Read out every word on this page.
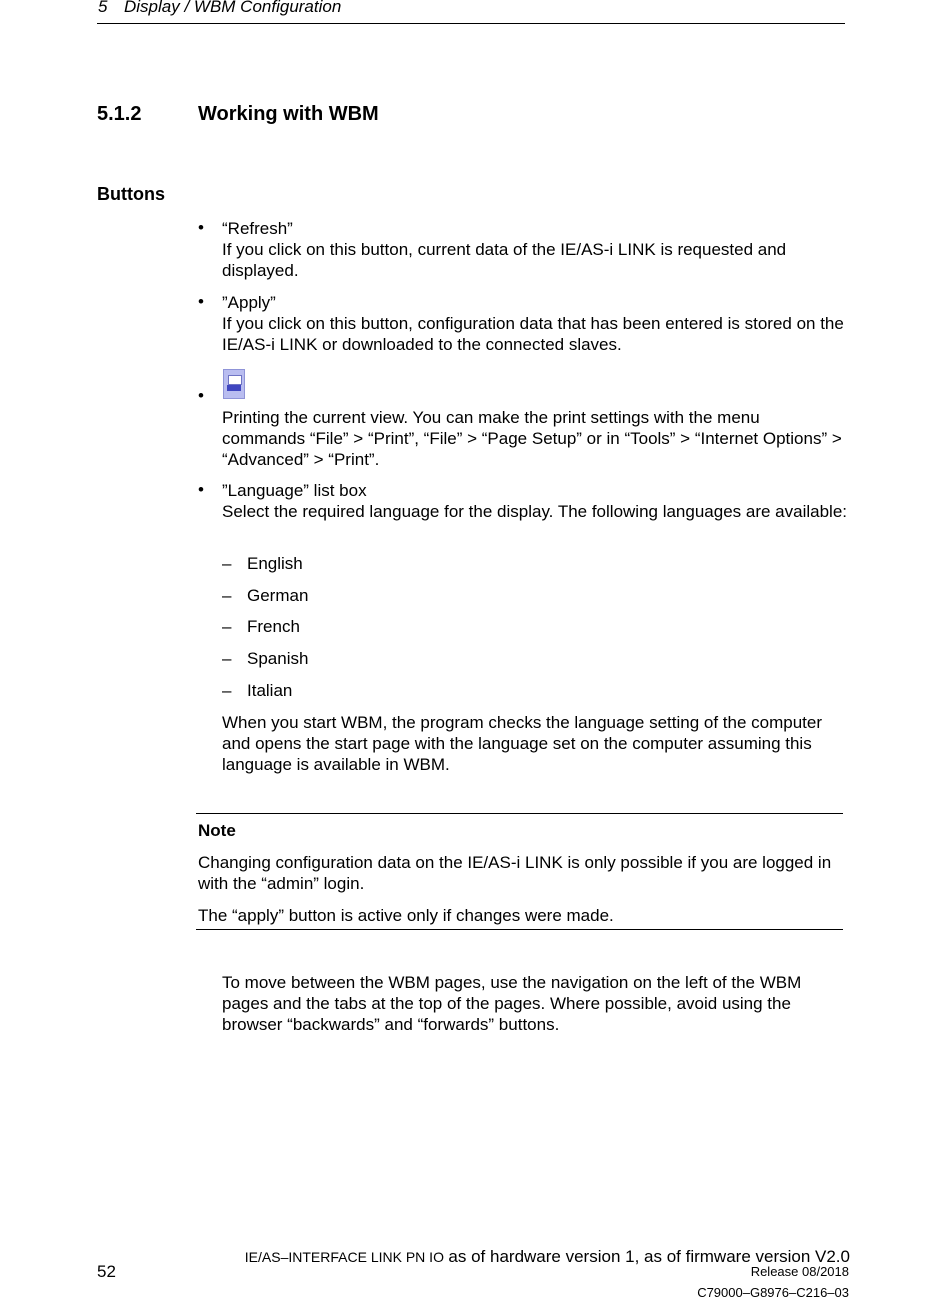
5 Display / WBM Configuration
5.1.2	Working with WBM
Buttons
• “Refresh”
If you click on this button, current data of the IE/AS-i LINK is requested and displayed.
• ”Apply”
If you click on this button, configuration data that has been entered is stored on the IE/AS-i LINK or downloaded to the connected slaves.
•
Printing the current view. You can make the print settings with the menu commands “File” > “Print”, “File” > “Page Setup” or in “Tools” > “Internet Options” > “Advanced” > “Print”.
• ”Language” list box
Select the required language for the display. The following languages are available:
– English
– German
– French
– Spanish
– Italian
When you start WBM, the program checks the language setting of the computer and opens the start page with the language set on the computer assuming this language is available in WBM.
Note
Changing configuration data on the IE/AS-i LINK is only possible if you are logged in with the “admin” login.
The “apply” button is active only if changes were made.
To move between the WBM pages, use the navigation on the left of the WBM pages and the tabs at the top of the pages. Where possible, avoid using the browser “backwards” and “forwards” buttons.
52
IE/AS–INTERFACE LINK PN IO as of hardware version 1, as of firmware version V2.0
Release 08/2018
C79000–G8976–C216–03
